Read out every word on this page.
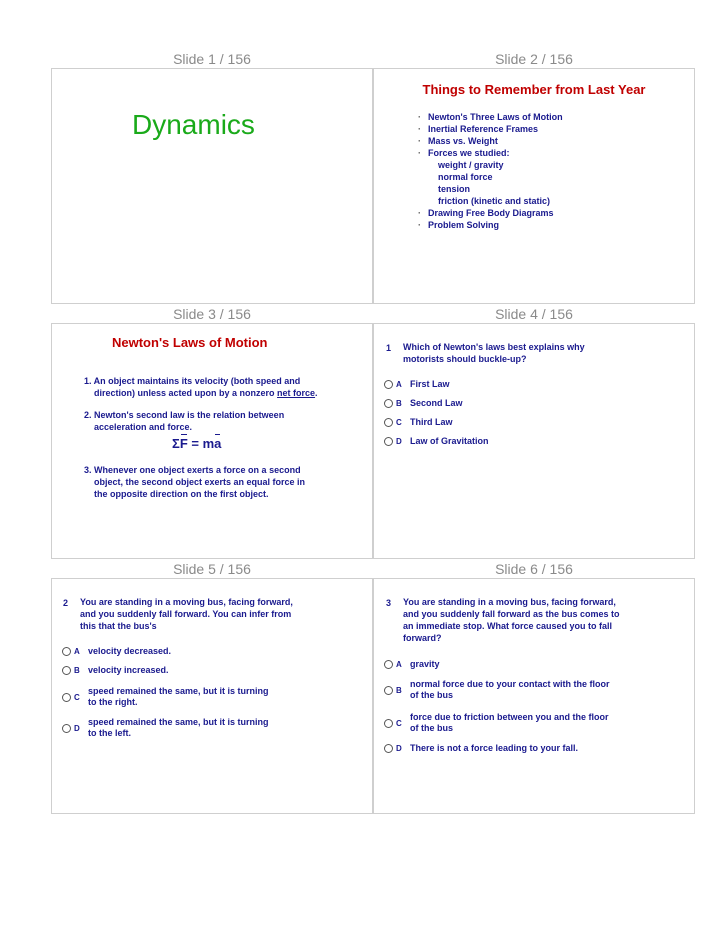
Slide 1 / 156	Slide 2 / 156
Dynamics
Things to Remember from Last Year
· Newton's Three Laws of Motion
· Inertial Reference Frames
· Mass vs. Weight
· Forces we studied:
weight / gravity
normal force
tension
friction (kinetic and static)
· Drawing Free Body Diagrams
· Problem Solving
Slide 3 / 156	Slide 4 / 156
Newton's Laws of Motion
1. An object maintains its velocity (both speed and
direction) unless acted upon by a nonzero net force.
2. Newton's second law is the relation between
acceleration and force.
ΣF = ma
3. Whenever one object exerts a force on a second
object, the second object exerts an equal force in
the opposite direction on the first object.
1 Which of Newton's laws best explains why
motorists should buckle-up?
A First Law
B Second Law
C Third Law
D Law of Gravitation
Slide 5 / 156	Slide 6 / 156
2 You are standing in a moving bus, facing forward,
and you suddenly fall forward. You can infer from
this that the bus's
A velocity decreased.
B velocity increased.
C
speed remained the same, but it is turning
to the right.
D
speed remained the same, but it is turning
to the left.
3 You are standing in a moving bus, facing forward,
and you suddenly fall forward as the bus comes to
an immediate stop. What force caused you to fall
forward?
A gravity
B
normal force due to your contact with the floor
of the bus
C
force due to friction between you and the floor
of the bus
D There is not a force leading to your fall.
